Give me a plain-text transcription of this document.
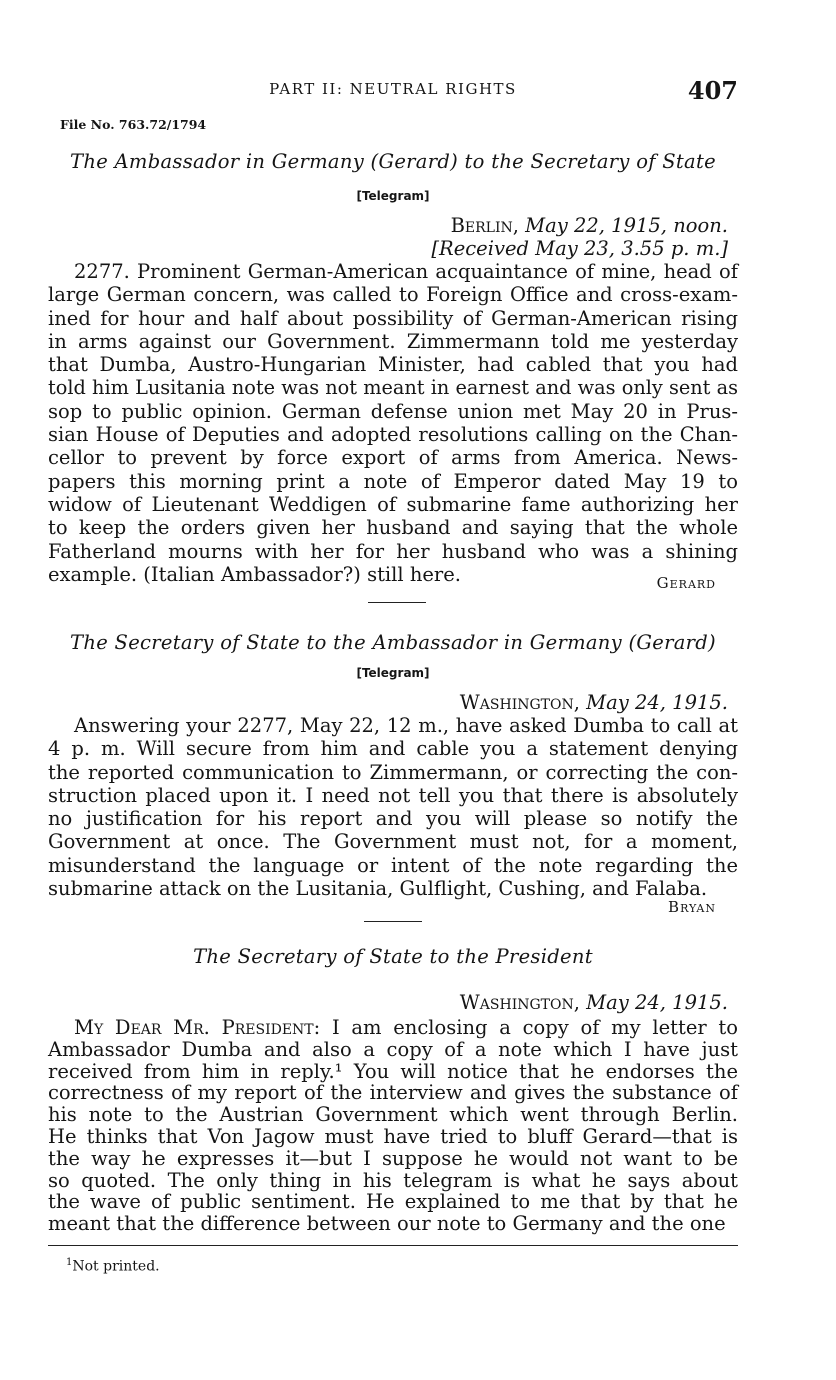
PART II: NEUTRAL RIGHTS	407
File No. 763.72/1794
The Ambassador in Germany (Gerard) to the Secretary of State
[Telegram]
Berlin, May 22, 1915, noon.
[Received May 23, 3.55 p. m.]

2277. Prominent German-American acquaintance of mine, head of

large German concern, was called to Foreign Office and cross-exam-

ined for hour and half about possibility of German-American rising

in arms against our Government. Zimmermann told me yesterday

that Dumba, Austro-Hungarian Minister, had cabled that you had

told him Lusitania note was not meant in earnest and was only sent as

sop to public opinion. German defense union met May 20 in Prus-

sian House of Deputies and adopted resolutions calling on the Chan-

cellor to prevent by force export of arms from America. News-

papers this morning print a note of Emperor dated May 19 to

widow of Lieutenant Weddigen of submarine fame authorizing her

to keep the orders given her husband and saying that the whole

Fatherland mourns with her for her husband who was a shining

example. (Italian Ambassador?) still here.	Gerard
The Secretary of State to the Ambassador in Germany (Gerard)
[Telegram]
Washington, May 24, 1915.

Answering your 2277, May 22, 12 m., have asked Dumba to call at

4 p. m. Will secure from him and cable you a statement denying

the reported communication to Zimmermann, or correcting the con-

struction placed upon it. I need not tell you that there is absolutely

no justification for his report and you will please so notify the

Government at once. The Government must not, for a moment,

misunderstand the language or intent of the note regarding the

submarine attack on the Lusitania, Gulflight, Cushing, and Falaba.

Bryan
The Secretary of State to the President
Washington, May 24, 1915.

My Dear Mr. President: I am enclosing a copy of my letter to

Ambassador Dumba and also a copy of a note which I have just

received from him in reply.¹ You will notice that he endorses the

correctness of my report of the interview and gives the substance of

his note to the Austrian Government which went through Berlin.

He thinks that Von Jagow must have tried to bluff Gerard—that is

the way he expresses it—but I suppose he would not want to be

so quoted. The only thing in his telegram is what he says about

the wave of public sentiment. He explained to me that by that he

meant that the difference between our note to Germany and the one

$^1$Not printed.
